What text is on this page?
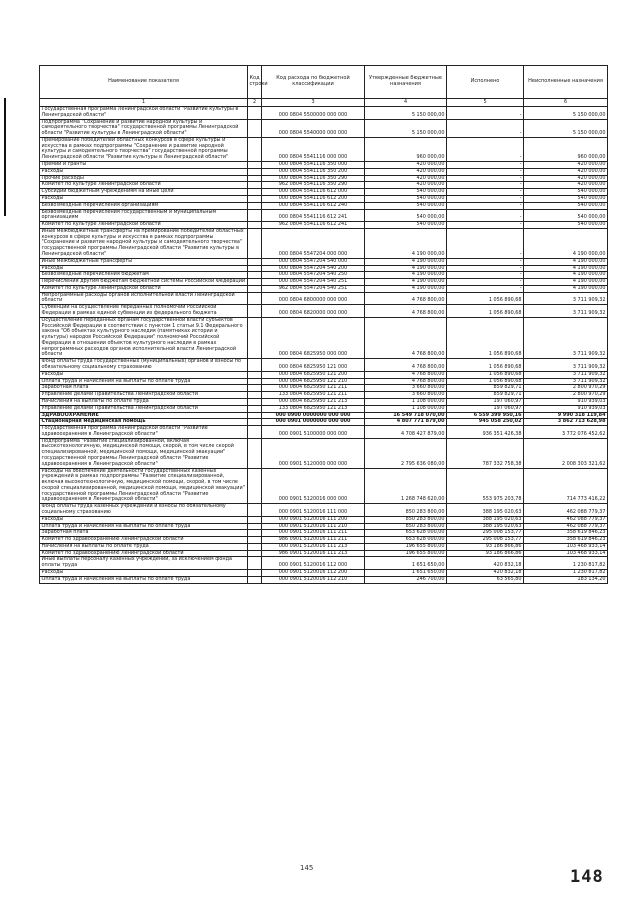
Наименование показателя	Код строки	Код расхода по бюджетной классификации	Утвержденные бюджетные назначения	Исполнено	Неисполненные назначения
1	2	3	4	5	6
Государственная программа Ленинградской области "Развитие культуры в Ленинградской области"		000 0804 5500000 000 000	5 150 000,00	-	5 150 000,00
Подпрограмма "Сохранение и развитие народной культуры и самодеятельного творчества" государственной программы Ленинградской области "Развитие культуры в Ленинградской области"		000 0804 5540000 000 000	5 150 000,00	-	5 150 000,00
Премирование победителей областных конкурсов в сфере культуры и искусства в рамках подпрограммы "Сохранение и развитие народной культуры и самодеятельного творчества" государственной программы Ленинградской области "Развитие культуры в Ленинградской области"		000 0804 5541116 000 000	960 000,00	-	960 000,00
Премии и гранты		000 0804 5541116 350 000	420 000,00	-	420 000,00
Расходы		000 0804 5541116 350 200	420 000,00	-	420 000,00
Прочие расходы		000 0804 5541116 350 290	420 000,00	-	420 000,00
Комитет по культуре Ленинградской области		962 0804 5541116 350 290	420 000,00	-	420 000,00
Субсидии бюджетным учреждениям на иные цели		000 0804 5541116 612 000	540 000,00	-	540 000,00
Расходы		000 0804 5541116 612 200	540 000,00	-	540 000,00
Безвозмездные перечисления организациям		000 0804 5541116 612 240	540 000,00	-	540 000,00
Безвозмездные перечисления государственным и муниципальным организациям		000 0804 5541116 612 241	540 000,00	-	540 000,00
Комитет по культуре Ленинградской области		962 0804 5541116 612 241	540 000,00	-	540 000,00
Иные межбюджетные трансферты на премирование победителей областных конкурсов в сфере культуры и искусства в рамках подпрограммы "Сохранение и развитие народной культуры и самодеятельного творчества" государственной программы Ленинградской области "Развитие культуры в Ленинградской области"		000 0804 5547204 000 000	4 190 000,00	-	4 190 000,00
Иные межбюджетные трансферты		000 0804 5547204 540 000	4 190 000,00	-	4 190 000,00
Расходы		000 0804 5547204 540 200	4 190 000,00	-	4 190 000,00
Безвозмездные перечисления бюджетам		000 0804 5547204 540 250	4 190 000,00	-	4 190 000,00
Перечисления другим бюджетам бюджетной системы Российской Федерации		000 0804 5547204 540 251	4 190 000,00	-	4 190 000,00
Комитет по культуре Ленинградской области		962 0804 5547204 540 251	4 190 000,00	-	4 190 000,00
Непрограммные расходы органов исполнительной власти Ленинградской области		000 0804 6800000 000 000	4 768 800,00	1 056 890,68	3 711 909,32
Субвенции на осуществление переданных полномочий Российской Федерации в рамках единой субвенции из федерального бюджета		000 0804 6820000 000 000	4 768 800,00	1 056 890,68	3 711 909,32
Осуществление переданных органам государственной власти субъектов Российской Федерации в соответствии с пунктом 1 статьи 9.1 Федерального закона "Об объектах культурного наследия (памятниках истории и культуры) народов Российской Федерации" полномочий Российской Федерации в отношении объектов культурного наследия в рамках непрограммных расходов органов исполнительной власти Ленинградской области		000 0804 6825950 000 000	4 768 800,00	1 056 890,68	3 711 909,32
Фонд оплаты труда государственных (муниципальных) органов и взносы по обязательному социальному страхованию		000 0804 6825950 121 000	4 768 800,00	1 056 890,68	3 711 909,32
Расходы		000 0804 6825950 121 200	4 768 800,00	1 056 890,68	3 711 909,32
Оплата труда и начисления на выплаты по оплате труда		000 0804 6825950 121 210	4 768 800,00	1 056 890,68	3 711 909,32
Заработная плата		000 0804 6825950 121 211	3 660 800,00	859 829,71	2 800 970,29
Управление делами Правительства Ленинградской области		133 0804 6825950 121 211	3 660 800,00	859 829,71	2 800 970,29
Начисления на выплаты по оплате труда		000 0804 6825950 121 213	1 108 000,00	197 060,97	910 939,03
Управление делами Правительства Ленинградской области		133 0804 6825950 121 213	1 108 000,00	197 060,97	910 939,03
ЗДРАВООХРАНЕНИЕ		000 0900 0000000 000 000	16 549 718 070,00	6 559 399 950,16	9 990 318 119,84
Стационарная медицинская помощь		000 0901 0000000 000 000	4 807 771 879,00	945 058 250,02	3 862 713 628,98
Государственная программа Ленинградской области "Развитие здравоохранения в Ленинградской области"		000 0901 5100000 000 000	4 708 427 879,00	936 351 426,38	3 772 076 452,62
Подпрограмма "Развитие специализированной, включая высокотехнологичную, медицинской помощи, скорой, в том числе скорой специализированной, медицинской помощи, медицинской эвакуации" государственной программы Ленинградской области "Развитие здравоохранения в Ленинградской области"		000 0901 5120000 000 000	2 795 636 080,00	787 332 758,38	2 008 303 321,62
Расходы на обеспечение деятельности государственных казенных учреждений в рамках подпрограммы "Развитие специализированной, включая высокотехнологичную, медицинской помощи, скорой, в том числе скорой специализированной, медицинской помощи, медицинской эвакуации" государственной программы Ленинградской области "Развитие здравоохранения в Ленинградской области"		000 0901 5120016 000 000	1 268 748 620,00	553 975 203,78	714 773 416,22
Фонд оплаты труда казенных учреждений и взносы по обязательному социальному страхованию		000 0901 5120016 111 000	850 283 800,00	388 195 020,63	462 088 779,37
Расходы		000 0901 5120016 111 200	850 283 800,00	388 195 020,63	462 088 779,37
Оплата труда и начисления на выплаты по оплате труда		000 0901 5120016 111 210	850 283 800,00	388 195 020,63	462 088 779,37
Заработная плата		000 0901 5120016 111 211	653 628 000,00	295 008 153,77	358 619 846,23
Комитет по здравоохранению Ленинградской области		986 0901 5120016 111 211	653 628 000,00	295 008 153,77	358 619 846,23
Начисления на выплаты по оплате труда		000 0901 5120016 111 213	196 655 800,00	93 186 866,86	103 468 933,14
Комитет по здравоохранению Ленинградской области		986 0901 5120016 111 213	196 655 800,00	93 186 866,86	103 468 933,14
Иные выплаты персоналу казенных учреждений, за исключением фонда оплаты труда		000 0901 5120016 112 000	1 651 650,00	420 832,18	1 230 817,82
Расходы		000 0901 5120016 112 200	1 651 650,00	420 832,18	1 230 817,82
Оплата труда и начисления на выплаты по оплате труда		000 0901 5120016 112 210	246 700,00	63 565,80	183 134,20
145	148
